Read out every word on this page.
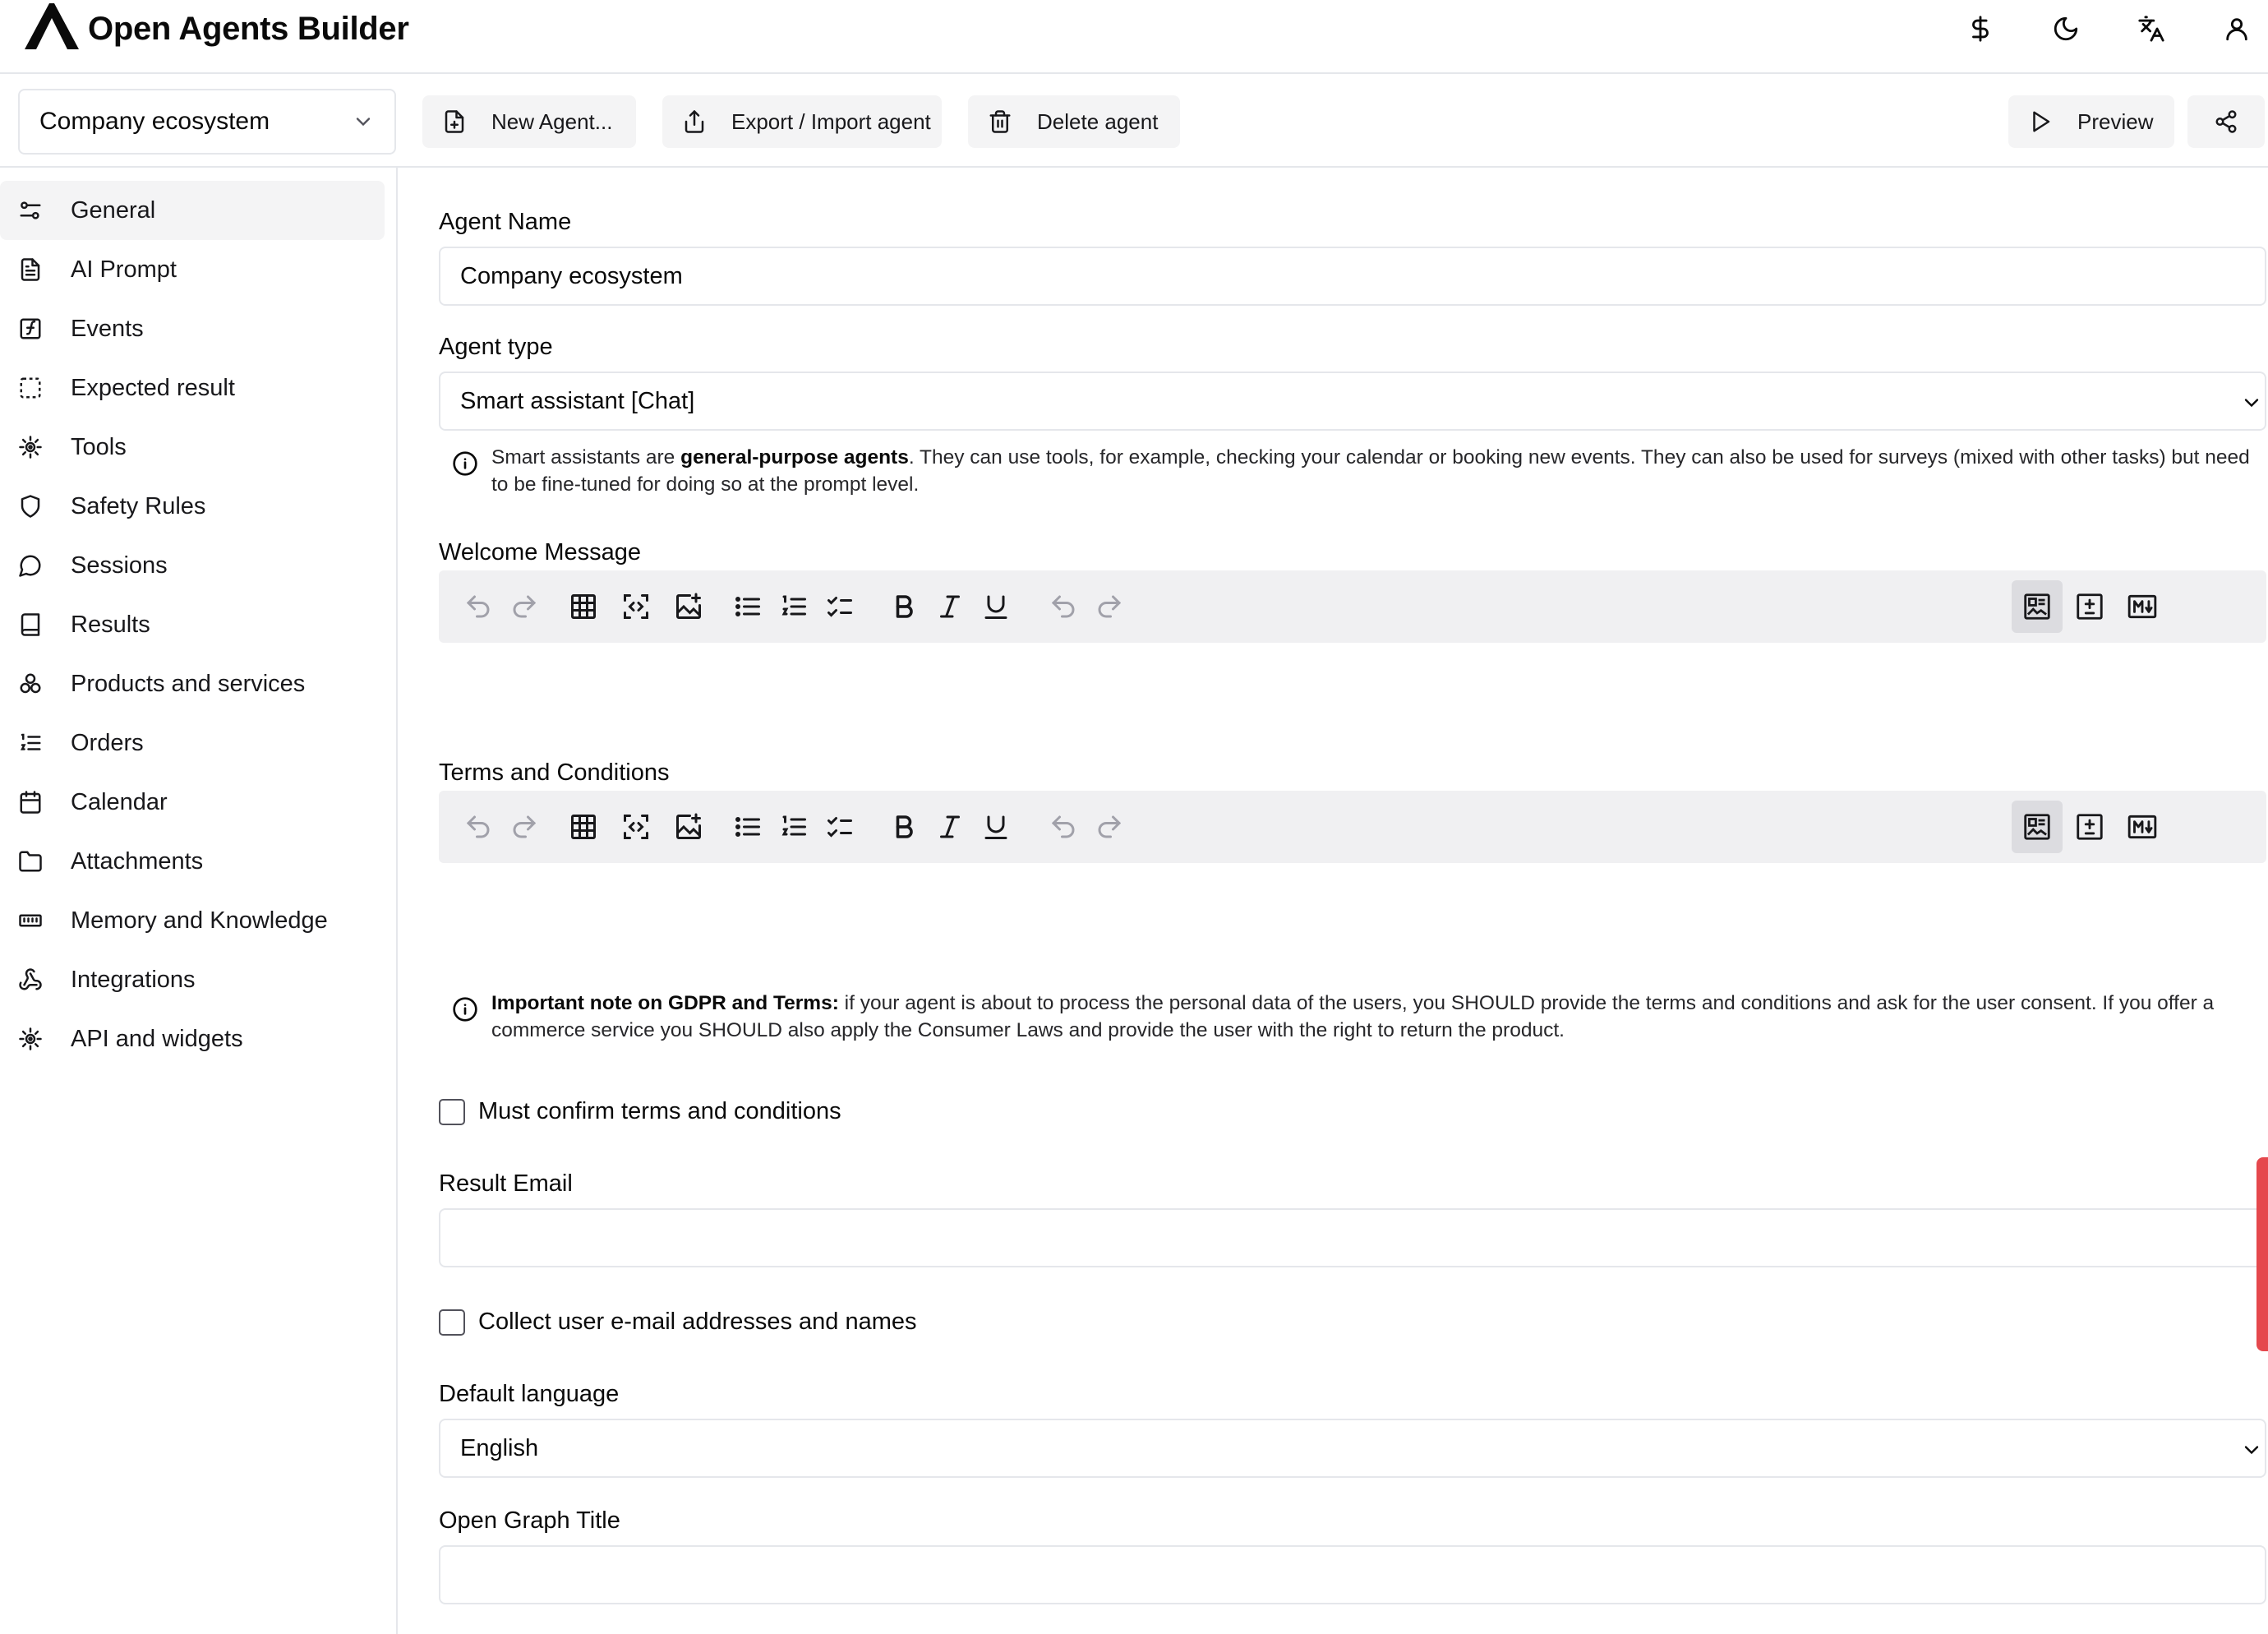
Open Agents Builder
Company ecosystem	New Agent...	Export / Import agent	Delete agent	Preview
General
AI Prompt
Events
Expected result
Tools
Safety Rules
Sessions
Results
Products and services
Orders
Calendar
Attachments
Memory and Knowledge
Integrations
API and widgets
Agent Name
Company ecosystem
Agent type
Smart assistant [Chat]
Smart assistants are general-purpose agents. They can use tools, for example, checking your calendar or booking new events. They can also be used for surveys (mixed with other tasks) but need to be fine-tuned for doing so at the prompt level.
Welcome Message
Terms and Conditions
Important note on GDPR and Terms: if your agent is about to process the personal data of the users, you SHOULD provide the terms and conditions and ask for the user consent. If you offer a commerce service you SHOULD also apply the Consumer Laws and provide the user with the right to return the product.
Must confirm terms and conditions
Result Email
Collect user e-mail addresses and names
Default language
English
Open Graph Title
